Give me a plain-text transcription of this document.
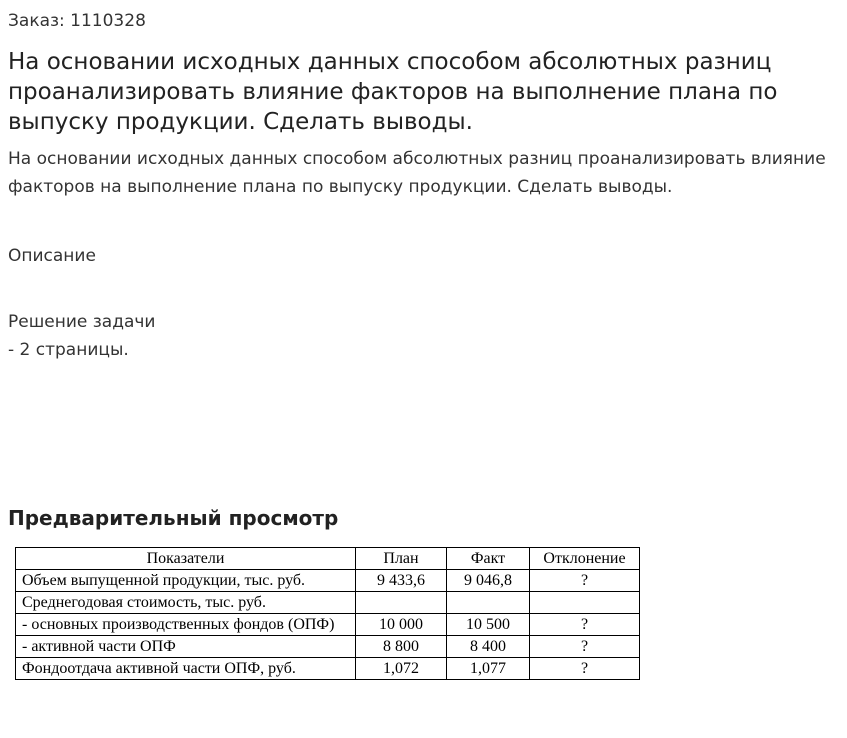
Заказ: 1110328
На основании исходных данных способом абсолютных разниц проанализировать влияние факторов на выполнение плана по выпуску продукции. Сделать выводы.
На основании исходных данных способом абсолютных разниц проанализировать влияние факторов на выполнение плана по выпуску продукции. Сделать выводы.
Описание
Решение задачи
- 2 страницы.
Предварительный просмотр
Показатели	План	Факт	Отклонение
Объем выпущенной продукции, тыс. руб.	9 433,6	9 046,8	?
Среднегодовая стоимость, тыс. руб.			
- основных производственных фондов (ОПФ)	10 000	10 500	?
- активной части ОПФ	8 800	8 400	?
Фондоотдача активной части ОПФ, руб.	1,072	1,077	?
